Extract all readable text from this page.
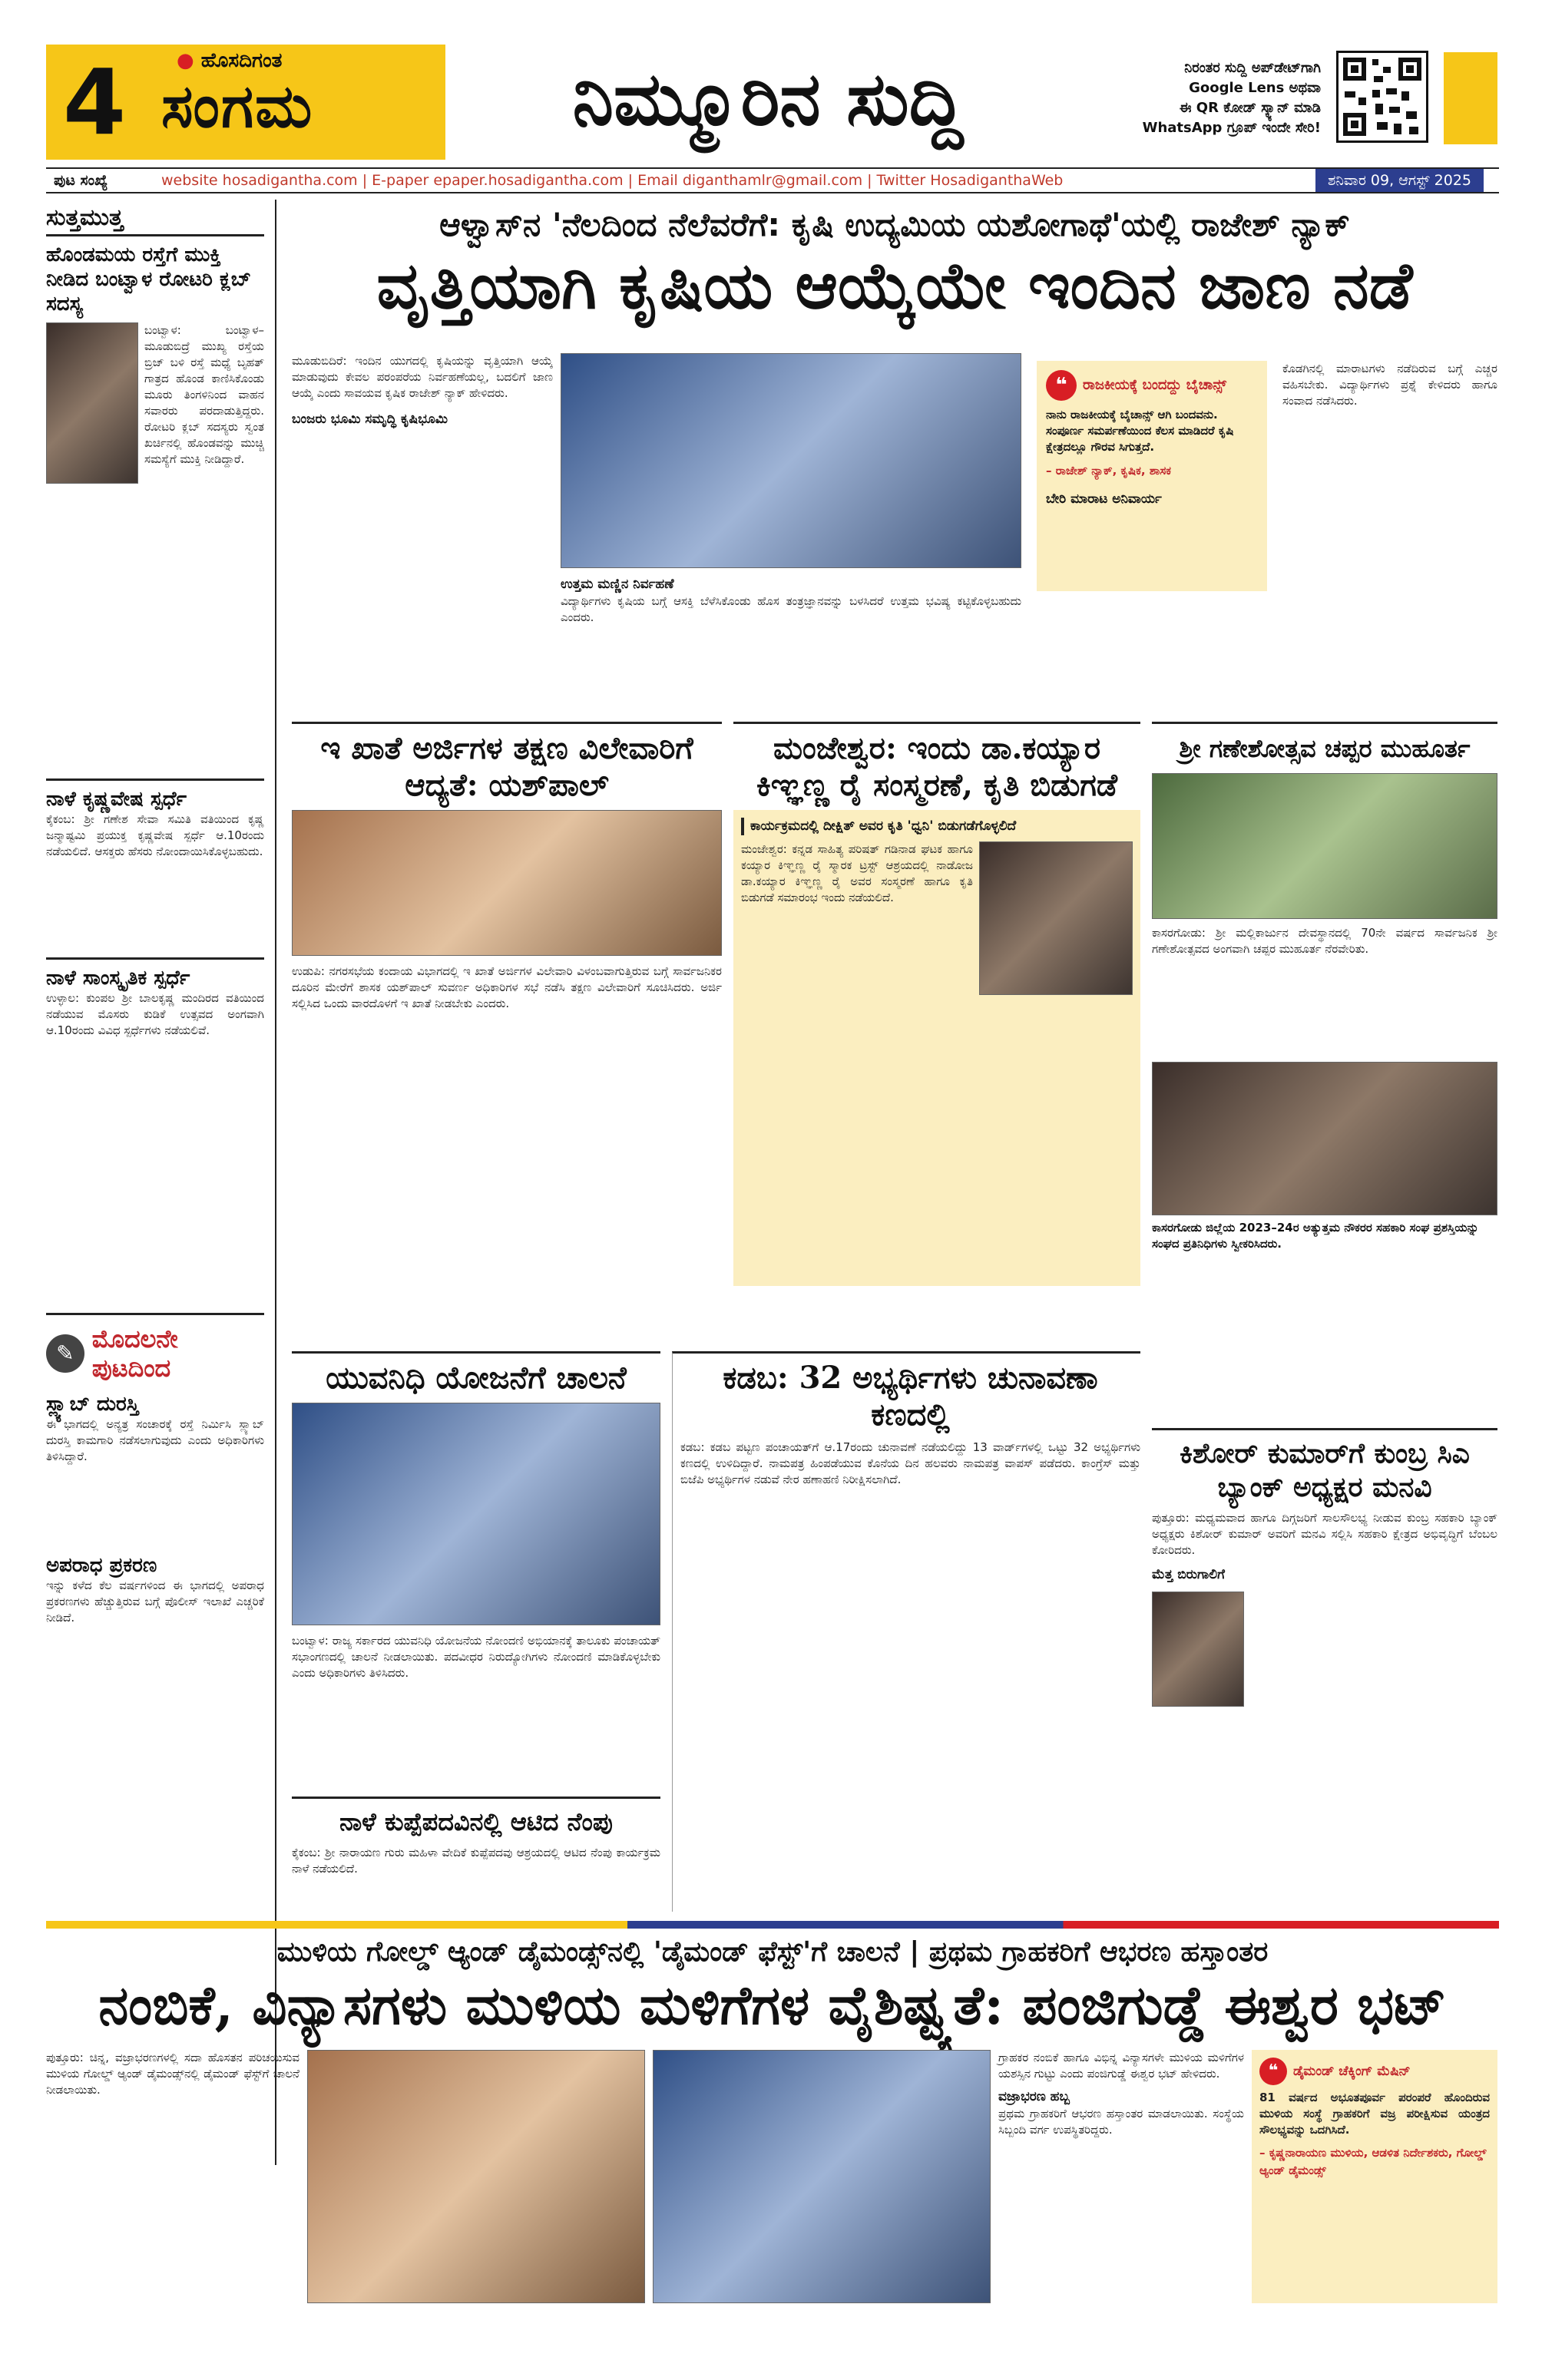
4	● ಹೊಸದಿಗಂತ
ಸಂಗಮ	ನಿಮ್ಮೂರಿನ ಸುದ್ದಿ	ನಿರಂತರ ಸುದ್ದಿ ಅಪ್‌ಡೇಟ್‌ಗಾಗಿ
Google Lens ಅಥವಾ
ಈ QR ಕೋಡ್ ಸ್ಕ್ಯಾನ್ ಮಾಡಿ
WhatsApp ಗ್ರೂಪ್ ಇಂದೇ ಸೇರಿ!
ಪುಟ ಸಂಖ್ಯೆ	website hosadigantha.com | E-paper epaper.hosadigantha.com | Email diganthamlr@gmail.com | Twitter HosadiganthaWeb	ಶನಿವಾರ 09, ಆಗಸ್ಟ್ 2025
ಸುತ್ತಮುತ್ತ
ಹೊಂಡಮಯ ರಸ್ತೆಗೆ ಮುಕ್ತಿ ನೀಡಿದ ಬಂಟ್ವಾಳ ರೋಟರಿ ಕ್ಲಬ್ ಸದಸ್ಯ
ಬಂಟ್ವಾಳ: ಬಂಟ್ವಾಳ–ಮೂಡುಬಿದ್ರೆ ಮುಖ್ಯ ರಸ್ತೆಯ ಬ್ರಿಜ್ ಬಳಿ ರಸ್ತೆ ಮಧ್ಯೆ ಬೃಹತ್ ಗಾತ್ರದ ಹೊಂಡ ಕಾಣಿಸಿಕೊಂಡು ಮೂರು ತಿಂಗಳಿನಿಂದ ವಾಹನ ಸವಾರರು ಪರದಾಡುತ್ತಿದ್ದರು. ರೋಟರಿ ಕ್ಲಬ್ ಸದಸ್ಯರು ಸ್ವಂತ ಖರ್ಚಿನಲ್ಲಿ ಹೊಂಡವನ್ನು ಮುಚ್ಚಿ ಸಮಸ್ಯೆಗೆ ಮುಕ್ತಿ ನೀಡಿದ್ದಾರೆ.
ನಾಳೆ ಕೃಷ್ಣವೇಷ ಸ್ಪರ್ಧೆ
ಕೈಕಂಬ: ಶ್ರೀ ಗಣೇಶ ಸೇವಾ ಸಮಿತಿ ವತಿಯಿಂದ ಕೃಷ್ಣ ಜನ್ಮಾಷ್ಟಮಿ ಪ್ರಯುಕ್ತ ಕೃಷ್ಣವೇಷ ಸ್ಪರ್ಧೆ ಆ.10ರಂದು ನಡೆಯಲಿದೆ. ಆಸಕ್ತರು ಹೆಸರು ನೋಂದಾಯಿಸಿಕೊಳ್ಳಬಹುದು.
ನಾಳೆ ಸಾಂಸ್ಕೃತಿಕ ಸ್ಪರ್ಧೆ
ಉಳ್ಳಾಲ: ಕುಂಪಲ ಶ್ರೀ ಬಾಲಕೃಷ್ಣ ಮಂದಿರದ ವತಿಯಿಂದ ನಡೆಯುವ ಮೊಸರು ಕುಡಿಕೆ ಉತ್ಸವದ ಅಂಗವಾಗಿ ಆ.10ರಂದು ವಿವಿಧ ಸ್ಪರ್ಧೆಗಳು ನಡೆಯಲಿವೆ.
✎ ಮೊದಲನೇ ಪುಟದಿಂದ
ಸ್ಲ್ಯಾಬ್ ದುರಸ್ತಿ
ಈ ಭಾಗದಲ್ಲಿ ಅನ್ಯತ್ರ ಸಂಚಾರಕ್ಕೆ ರಸ್ತೆ ನಿರ್ಮಿಸಿ ಸ್ಲ್ಯಾಬ್ ದುರಸ್ತಿ ಕಾಮಗಾರಿ ನಡೆಸಲಾಗುವುದು ಎಂದು ಅಧಿಕಾರಿಗಳು ತಿಳಿಸಿದ್ದಾರೆ.
ಅಪರಾಧ ಪ್ರಕರಣ
ಇನ್ನು ಕಳೆದ ಕೆಲ ವರ್ಷಗಳಿಂದ ಈ ಭಾಗದಲ್ಲಿ ಅಪರಾಧ ಪ್ರಕರಣಗಳು ಹೆಚ್ಚುತ್ತಿರುವ ಬಗ್ಗೆ ಪೊಲೀಸ್ ಇಲಾಖೆ ಎಚ್ಚರಿಕೆ ನೀಡಿದೆ.
ಆಳ್ವಾಸ್‌ನ 'ನೆಲದಿಂದ ನೆಲೆವರೆಗೆ: ಕೃಷಿ ಉದ್ಯಮಿಯ ಯಶೋಗಾಥೆ'ಯಲ್ಲಿ ರಾಜೇಶ್ ನ್ಯಾಕ್
ವೃತ್ತಿಯಾಗಿ ಕೃಷಿಯ ಆಯ್ಕೆಯೇ ಇಂದಿನ ಜಾಣ ನಡೆ
ಮೂಡುಬಿದಿರೆ: ಇಂದಿನ ಯುಗದಲ್ಲಿ ಕೃಷಿಯನ್ನು ವೃತ್ತಿಯಾಗಿ ಆಯ್ಕೆ ಮಾಡುವುದು ಕೇವಲ ಪರಂಪರೆಯ ನಿರ್ವಹಣೆಯಲ್ಲ, ಬದಲಿಗೆ ಜಾಣ ಆಯ್ಕೆ ಎಂದು ಸಾವಯವ ಕೃಷಿಕ ರಾಜೇಶ್ ನ್ಯಾಕ್ ಹೇಳಿದರು.
ಬಂಜರು ಭೂಮಿ ಸಮೃದ್ಧಿ ಕೃಷಿಭೂಮಿ
ಉತ್ತಮ ಮಣ್ಣಿನ ನಿರ್ವಹಣೆ
ವಿದ್ಯಾರ್ಥಿಗಳು ಕೃಷಿಯ ಬಗ್ಗೆ ಆಸಕ್ತಿ ಬೆಳೆಸಿಕೊಂಡು ಹೊಸ ತಂತ್ರಜ್ಞಾನವನ್ನು ಬಳಸಿದರೆ ಉತ್ತಮ ಭವಿಷ್ಯ ಕಟ್ಟಿಕೊಳ್ಳಬಹುದು ಎಂದರು.
❝	ರಾಜಕೀಯಕ್ಕೆ ಬಂದದ್ದು ಬೈಚಾನ್ಸ್
ನಾನು ರಾಜಕೀಯಕ್ಕೆ ಬೈಚಾನ್ಸ್ ಆಗಿ ಬಂದವನು. ಸಂಪೂರ್ಣ ಸಮರ್ಪಣೆಯಿಂದ ಕೆಲಸ ಮಾಡಿದರೆ ಕೃಷಿ ಕ್ಷೇತ್ರದಲ್ಲೂ ಗೌರವ ಸಿಗುತ್ತದೆ.
– ರಾಜೇಶ್ ನ್ಯಾಕ್, ಕೃಷಿಕ, ಶಾಸಕ
ಬೇರಿ ಮಾರಾಟ ಅನಿವಾರ್ಯ
ಕೊಡಗಿನಲ್ಲಿ ಮಾರಾಟಗಳು ನಡೆದಿರುವ ಬಗ್ಗೆ ಎಚ್ಚರ ವಹಿಸಬೇಕು. ವಿದ್ಯಾರ್ಥಿಗಳು ಪ್ರಶ್ನೆ ಕೇಳಿದರು ಹಾಗೂ ಸಂವಾದ ನಡೆಸಿದರು.
ಇ ಖಾತೆ ಅರ್ಜಿಗಳ ತಕ್ಷಣ ವಿಲೇವಾರಿಗೆ ಆದ್ಯತೆ: ಯಶ್‌ಪಾಲ್
ಉಡುಪಿ: ನಗರಸಭೆಯ ಕಂದಾಯ ವಿಭಾಗದಲ್ಲಿ ಇ ಖಾತೆ ಅರ್ಜಿಗಳ ವಿಲೇವಾರಿ ವಿಳಂಬವಾಗುತ್ತಿರುವ ಬಗ್ಗೆ ಸಾರ್ವಜನಿಕರ ದೂರಿನ ಮೇರೆಗೆ ಶಾಸಕ ಯಶ್‌ಪಾಲ್ ಸುವರ್ಣ ಅಧಿಕಾರಿಗಳ ಸಭೆ ನಡೆಸಿ ತಕ್ಷಣ ವಿಲೇವಾರಿಗೆ ಸೂಚಿಸಿದರು. ಅರ್ಜಿ ಸಲ್ಲಿಸಿದ ಒಂದು ವಾರದೊಳಗೆ ಇ ಖಾತೆ ನೀಡಬೇಕು ಎಂದರು.
ಮಂಜೇಶ್ವರ: ಇಂದು ಡಾ.ಕಯ್ಯಾರ ಕಿಞ್ಞಣ್ಣ ರೈ ಸಂಸ್ಮರಣೆ, ಕೃತಿ ಬಿಡುಗಡೆ
ಕಾರ್ಯಕ್ರಮದಲ್ಲಿ ದೀಕ್ಷಿತ್ ಅವರ ಕೃತಿ 'ಧ್ವನಿ' ಬಿಡುಗಡೆಗೊಳ್ಳಲಿದೆ
ಮಂಜೇಶ್ವರ: ಕನ್ನಡ ಸಾಹಿತ್ಯ ಪರಿಷತ್ ಗಡಿನಾಡ ಘಟಕ ಹಾಗೂ ಕಯ್ಯಾರ ಕಿಞ್ಞಣ್ಣ ರೈ ಸ್ಮಾರಕ ಟ್ರಸ್ಟ್ ಆಶ್ರಯದಲ್ಲಿ ನಾಡೋಜ ಡಾ.ಕಯ್ಯಾರ ಕಿಞ್ಞಣ್ಣ ರೈ ಅವರ ಸಂಸ್ಮರಣೆ ಹಾಗೂ ಕೃತಿ ಬಿಡುಗಡೆ ಸಮಾರಂಭ ಇಂದು ನಡೆಯಲಿದೆ.
ಶ್ರೀ ಗಣೇಶೋತ್ಸವ ಚಪ್ಪರ ಮುಹೂರ್ತ
ಕಾಸರಗೋಡು: ಶ್ರೀ ಮಲ್ಲಿಕಾರ್ಜುನ ದೇವಸ್ಥಾನದಲ್ಲಿ 70ನೇ ವರ್ಷದ ಸಾರ್ವಜನಿಕ ಶ್ರೀ ಗಣೇಶೋತ್ಸವದ ಅಂಗವಾಗಿ ಚಪ್ಪರ ಮುಹೂರ್ತ ನೆರವೇರಿತು.
ಕಾಸರಗೋಡು ಜಿಲ್ಲೆಯ 2023–24ರ ಅತ್ಯುತ್ತಮ ನೌಕರರ ಸಹಕಾರಿ ಸಂಘ ಪ್ರಶಸ್ತಿಯನ್ನು ಸಂಘದ ಪ್ರತಿನಿಧಿಗಳು ಸ್ವೀಕರಿಸಿದರು.
ಯುವನಿಧಿ ಯೋಜನೆಗೆ ಚಾಲನೆ
ಬಂಟ್ವಾಳ: ರಾಜ್ಯ ಸರ್ಕಾರದ ಯುವನಿಧಿ ಯೋಜನೆಯ ನೋಂದಣಿ ಅಭಿಯಾನಕ್ಕೆ ತಾಲೂಕು ಪಂಚಾಯತ್ ಸಭಾಂಗಣದಲ್ಲಿ ಚಾಲನೆ ನೀಡಲಾಯಿತು. ಪದವೀಧರ ನಿರುದ್ಯೋಗಿಗಳು ನೋಂದಣಿ ಮಾಡಿಕೊಳ್ಳಬೇಕು ಎಂದು ಅಧಿಕಾರಿಗಳು ತಿಳಿಸಿದರು.
ನಾಳೆ ಕುಪ್ಪೆಪದವಿನಲ್ಲಿ ಆಟಿದ ನೆಂಪು
ಕೈಕಂಬ: ಶ್ರೀ ನಾರಾಯಣ ಗುರು ಮಹಿಳಾ ವೇದಿಕೆ ಕುಪ್ಪೆಪದವು ಆಶ್ರಯದಲ್ಲಿ ಆಟಿದ ನೆಂಪು ಕಾರ್ಯಕ್ರಮ ನಾಳೆ ನಡೆಯಲಿದೆ.
ಕಡಬ: 32 ಅಭ್ಯರ್ಥಿಗಳು ಚುನಾವಣಾ ಕಣದಲ್ಲಿ
ಕಡಬ: ಕಡಬ ಪಟ್ಟಣ ಪಂಚಾಯತ್‌ಗೆ ಆ.17ರಂದು ಚುನಾವಣೆ ನಡೆಯಲಿದ್ದು 13 ವಾರ್ಡ್‌ಗಳಲ್ಲಿ ಒಟ್ಟು 32 ಅಭ್ಯರ್ಥಿಗಳು ಕಣದಲ್ಲಿ ಉಳಿದಿದ್ದಾರೆ. ನಾಮಪತ್ರ ಹಿಂಪಡೆಯುವ ಕೊನೆಯ ದಿನ ಹಲವರು ನಾಮಪತ್ರ ವಾಪಸ್ ಪಡೆದರು. ಕಾಂಗ್ರೆಸ್ ಮತ್ತು ಬಿಜೆಪಿ ಅಭ್ಯರ್ಥಿಗಳ ನಡುವೆ ನೇರ ಹಣಾಹಣಿ ನಿರೀಕ್ಷಿಸಲಾಗಿದೆ.
ಕಿಶೋರ್ ಕುಮಾರ್‌ಗೆ ಕುಂಬ್ರ ಸಿಎ ಬ್ಯಾಂಕ್ ಅಧ್ಯಕ್ಷರ ಮನವಿ
ಪುತ್ತೂರು: ಮಧ್ಯಮವಾದ ಹಾಗೂ ದಿಗ್ಗಜರಿಗೆ ಸಾಲಸೌಲಭ್ಯ ನೀಡುವ ಕುಂಬ್ರ ಸಹಕಾರಿ ಬ್ಯಾಂಕ್ ಅಧ್ಯಕ್ಷರು ಕಿಶೋರ್ ಕುಮಾರ್ ಅವರಿಗೆ ಮನವಿ ಸಲ್ಲಿಸಿ ಸಹಕಾರಿ ಕ್ಷೇತ್ರದ ಅಭಿವೃದ್ಧಿಗೆ ಬೆಂಬಲ ಕೋರಿದರು.
ಮೆತ್ತ ಬಿರುಗಾಲಿಗೆ
ಮುಳಿಯ ಗೋಲ್ಡ್ ಆ್ಯಂಡ್ ಡೈಮಂಡ್ಸ್‌ನಲ್ಲಿ 'ಡೈಮಂಡ್ ಫೆಸ್ಟ್'ಗೆ ಚಾಲನೆ | ಪ್ರಥಮ ಗ್ರಾಹಕರಿಗೆ ಆಭರಣ ಹಸ್ತಾಂತರ
ನಂಬಿಕೆ, ವಿನ್ಯಾಸಗಳು ಮುಳಿಯ ಮಳಿಗೆಗಳ ವೈಶಿಷ್ಟ್ಯತೆ: ಪಂಜಿಗುಡ್ಡೆ ಈಶ್ವರ ಭಟ್
ಪುತ್ತೂರು: ಚಿನ್ನ, ವಜ್ರಾಭರಣಗಳಲ್ಲಿ ಸದಾ ಹೊಸತನ ಪರಿಚಯಿಸುವ ಮುಳಿಯ ಗೋಲ್ಡ್ ಆ್ಯಂಡ್ ಡೈಮಂಡ್ಸ್‌ನಲ್ಲಿ ಡೈಮಂಡ್ ಫೆಸ್ಟ್‌ಗೆ ಚಾಲನೆ ನೀಡಲಾಯಿತು.
ಗ್ರಾಹಕರ ನಂಬಿಕೆ ಹಾಗೂ ವಿಭಿನ್ನ ವಿನ್ಯಾಸಗಳೇ ಮುಳಿಯ ಮಳಿಗೆಗಳ ಯಶಸ್ಸಿನ ಗುಟ್ಟು ಎಂದು ಪಂಜಿಗುಡ್ಡೆ ಈಶ್ವರ ಭಟ್ ಹೇಳಿದರು.
ವಜ್ರಾಭರಣ ಹಬ್ಬ
ಪ್ರಥಮ ಗ್ರಾಹಕರಿಗೆ ಆಭರಣ ಹಸ್ತಾಂತರ ಮಾಡಲಾಯಿತು. ಸಂಸ್ಥೆಯ ಸಿಬ್ಬಂದಿ ವರ್ಗ ಉಪಸ್ಥಿತರಿದ್ದರು.
❝	ಡೈಮಂಡ್ ಚೆಕ್ಕಿಂಗ್ ಮೆಷಿನ್
81 ವರ್ಷದ ಅಭೂತಪೂರ್ವ ಪರಂಪರೆ ಹೊಂದಿರುವ ಮುಳಿಯ ಸಂಸ್ಥೆ ಗ್ರಾಹಕರಿಗೆ ವಜ್ರ ಪರೀಕ್ಷಿಸುವ ಯಂತ್ರದ ಸೌಲಭ್ಯವನ್ನು ಒದಗಿಸಿದೆ.
– ಕೃಷ್ಣನಾರಾಯಣ ಮುಳಿಯ, ಆಡಳಿತ ನಿರ್ದೇಶಕರು, ಗೋಲ್ಡ್ ಆ್ಯಂಡ್ ಡೈಮಂಡ್ಸ್
